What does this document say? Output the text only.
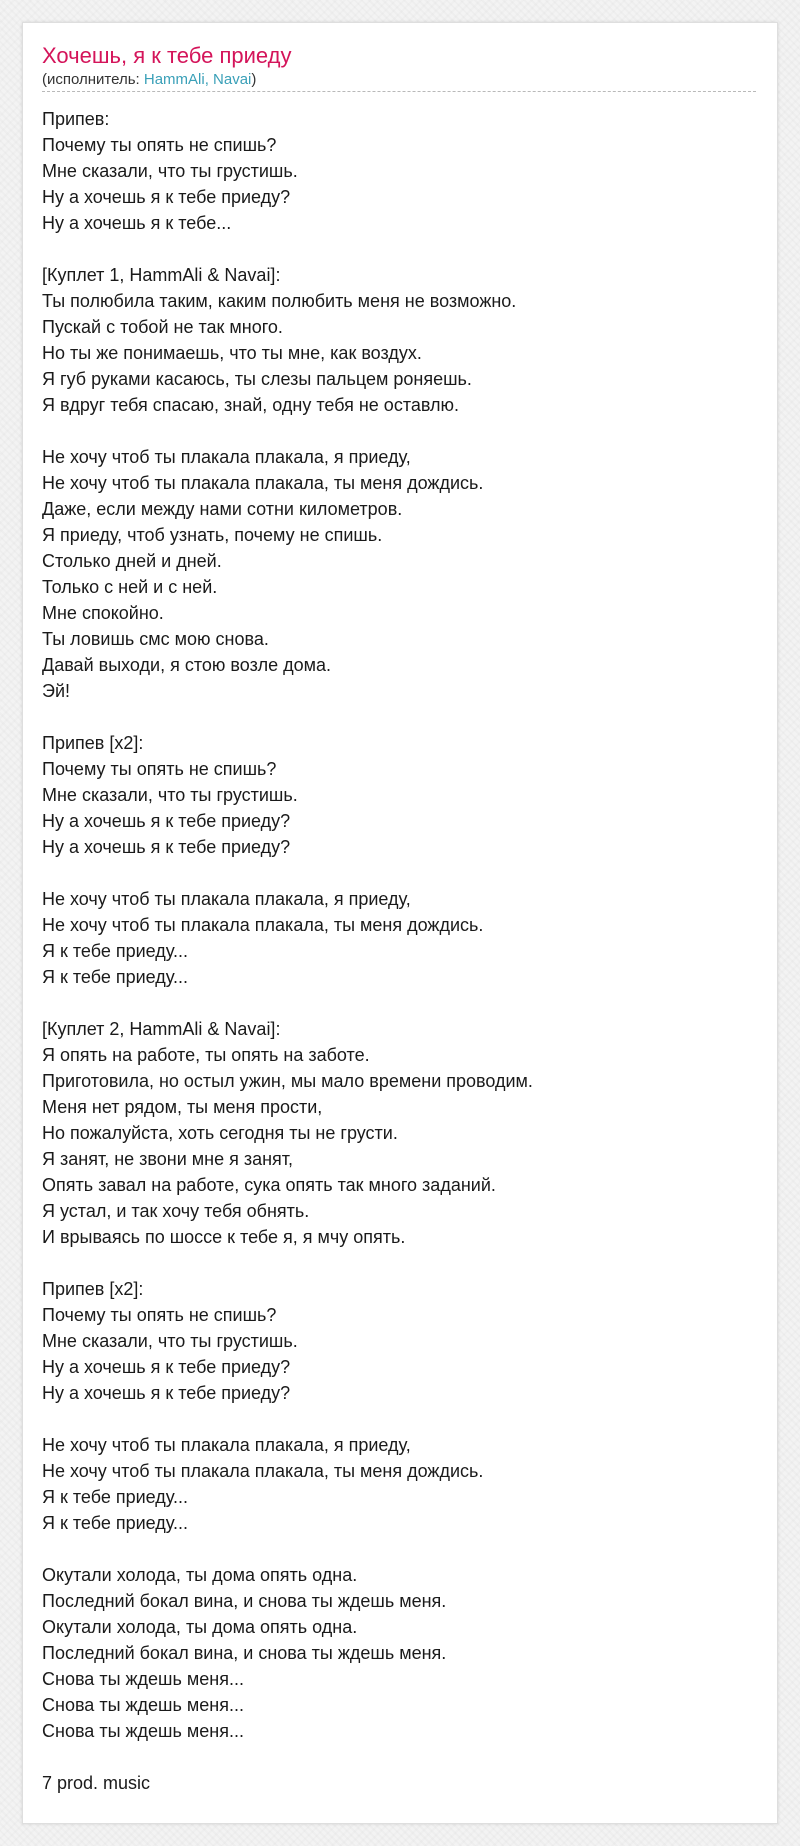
Хочешь, я к тебе приеду
(исполнитель: HammAli, Navai)
Припев:
Почему ты опять не спишь?
Мне сказали, что ты грустишь.
Ну а хочешь я к тебе приеду?
Ну а хочешь я к тебе...
[Куплет 1, HammAli & Navai]:
Ты полюбила таким, каким полюбить меня не возможно.
Пускай с тобой не так много.
Но ты же понимаешь, что ты мне, как воздух.
Я губ руками касаюсь, ты слезы пальцем роняешь.
Я вдруг тебя спасаю, знай, одну тебя не оставлю.
Не хочу чтоб ты плакала плакала, я приеду,
Не хочу чтоб ты плакала плакала, ты меня дождись.
Даже, если между нами сотни километров.
Я приеду, чтоб узнать, почему не спишь.
Столько дней и дней.
Только с ней и с ней.
Мне спокойно.
Ты ловишь смс мою снова.
Давай выходи, я стою возле дома.
Эй!
Припев [x2]:
Почему ты опять не спишь?
Мне сказали, что ты грустишь.
Ну а хочешь я к тебе приеду?
Ну а хочешь я к тебе приеду?
Не хочу чтоб ты плакала плакала, я приеду,
Не хочу чтоб ты плакала плакала, ты меня дождись.
Я к тебе приеду...
Я к тебе приеду...
[Куплет 2, HammAli & Navai]:
Я опять на работе, ты опять на заботе.
Приготовила, но остыл ужин, мы мало времени проводим.
Меня нет рядом, ты меня прости,
Но пожалуйста, хоть сегодня ты не грусти.
Я занят, не звони мне я занят,
Опять завал на работе, сука опять так много заданий.
Я устал, и так хочу тебя обнять.
И врываясь по шоссе к тебе я, я мчу опять.
Припев [x2]:
Почему ты опять не спишь?
Мне сказали, что ты грустишь.
Ну а хочешь я к тебе приеду?
Ну а хочешь я к тебе приеду?
Не хочу чтоб ты плакала плакала, я приеду,
Не хочу чтоб ты плакала плакала, ты меня дождись.
Я к тебе приеду...
Я к тебе приеду...
Окутали холода, ты дома опять одна.
Последний бокал вина, и снова ты ждешь меня.
Окутали холода, ты дома опять одна.
Последний бокал вина, и снова ты ждешь меня.
Снова ты ждешь меня...
Снова ты ждешь меня...
Снова ты ждешь меня...
7 prod. music
